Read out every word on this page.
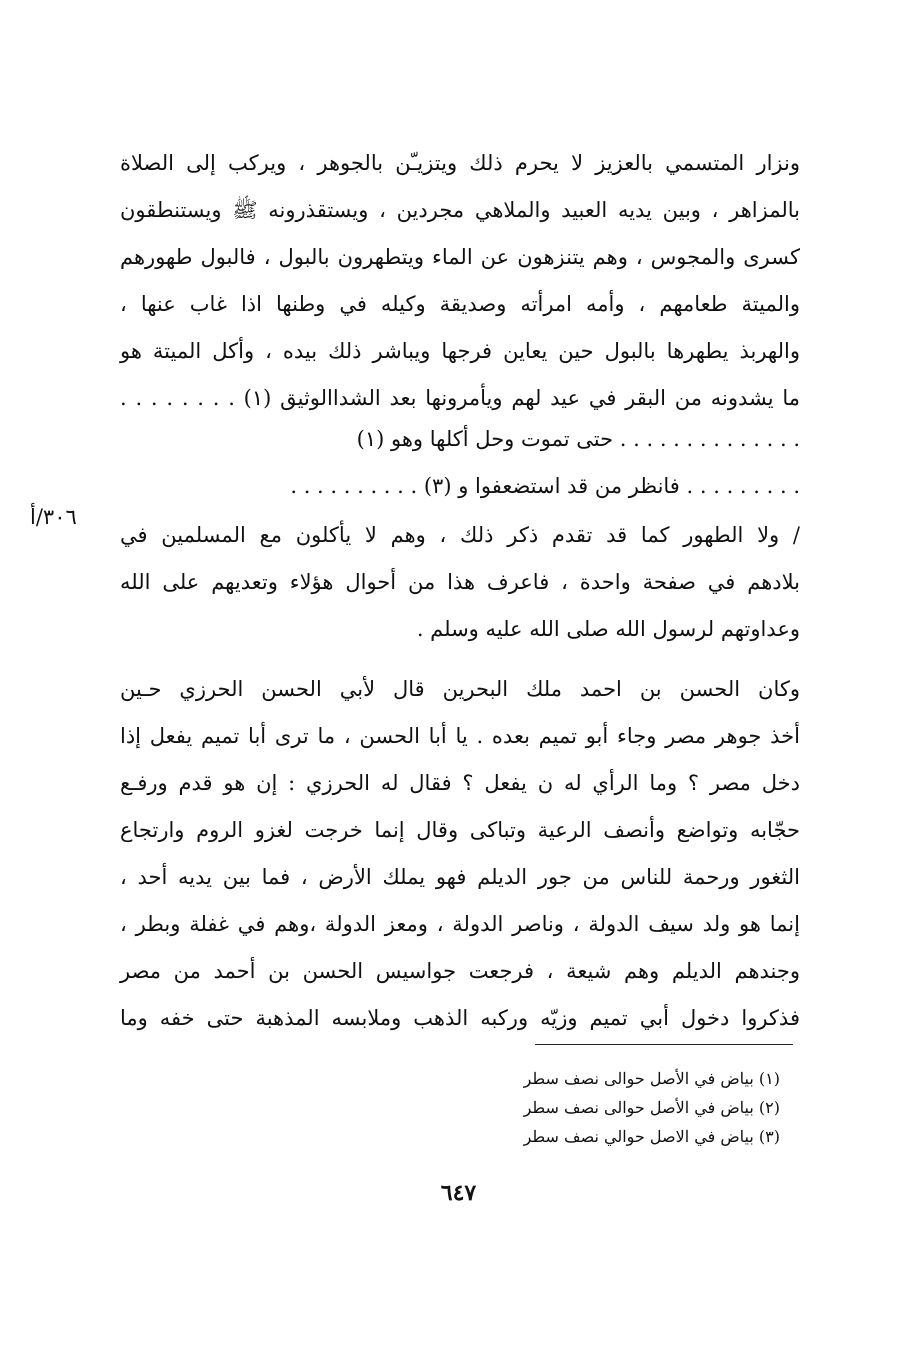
ونزار المتسمي بالعزيز لا يحرم ذلك ويتزيـّن بالجوهر ، ويركب إلى الصلاة
بالمزاهر ، وبين يديه العبيد والملاهي مجردين ، ويستقذرونه ﷺ ويستنطقون
كسرى والمجوس ، وهم يتنزهون عن الماء ويتطهرون بالبول ، فالبول طهورهم
والميتة طعامهم ، وأمه امرأته وصديقة وكيله في وطنها اذا غاب عنها ،
والهربذ يطهرها بالبول حين يعاين فرجها ويباشر ذلك بيده ، وأكل الميتة هو
ما يشدونه من البقر في عيد لهم ويأمرونها بعد الشداالوثيق (١) . . . . . . . .
. . . . . . . . . . . . . . حتى تموت وحل أكلها وهو (١)
. . . . . . . . . فانظر من قد استضعفوا و (٣) . . . . . . . . . .
٣٠٦/أ
/ ولا الطهور كما قد تقدم ذكر ذلك ، وهم لا يأكلون مع المسلمين في
بلادهم في صفحة واحدة ، فاعرف هذا من أحوال هؤلاء وتعديهم على الله
وعداوتهم لرسول الله صلى الله عليه وسلم .
وكان الحسن بن احمد ملك البحرين قال لأبي الحسن الحرزي حـين
أخذ جوهر مصر وجاء أبو تميم بعده . يا أبا الحسن ، ما ترى أبا تميم يفعل إذا
دخل مصر ؟ وما الرأي له ن يفعل ؟ فقال له الحرزي : إن هو قدم ورفـع
حجّابه وتواضع وأنصف الرعية وتباكى وقال إنما خرجت لغزو الروم وارتجاع
الثغور ورحمة للناس من جور الديلم فهو يملك الأرض ، فما بين يديه أحد ،
إنما هو ولد سيف الدولة ، وناصر الدولة ، ومعز الدولة ،وهم في غفلة وبطر ،
وجندهم الديلم وهم شيعة ، فرجعت جواسيس الحسن بن أحمد من مصر
فذكروا دخول أبي تميم وزيّه وركبه الذهب وملابسه المذهبة حتى خفه وما
(١) بياض في الأصل حوالى نصف سطر
(٢) بياض في الأصل حوالى نصف سطر
(٣) بياض في الاصل حوالي نصف سطر
٦٤٧
